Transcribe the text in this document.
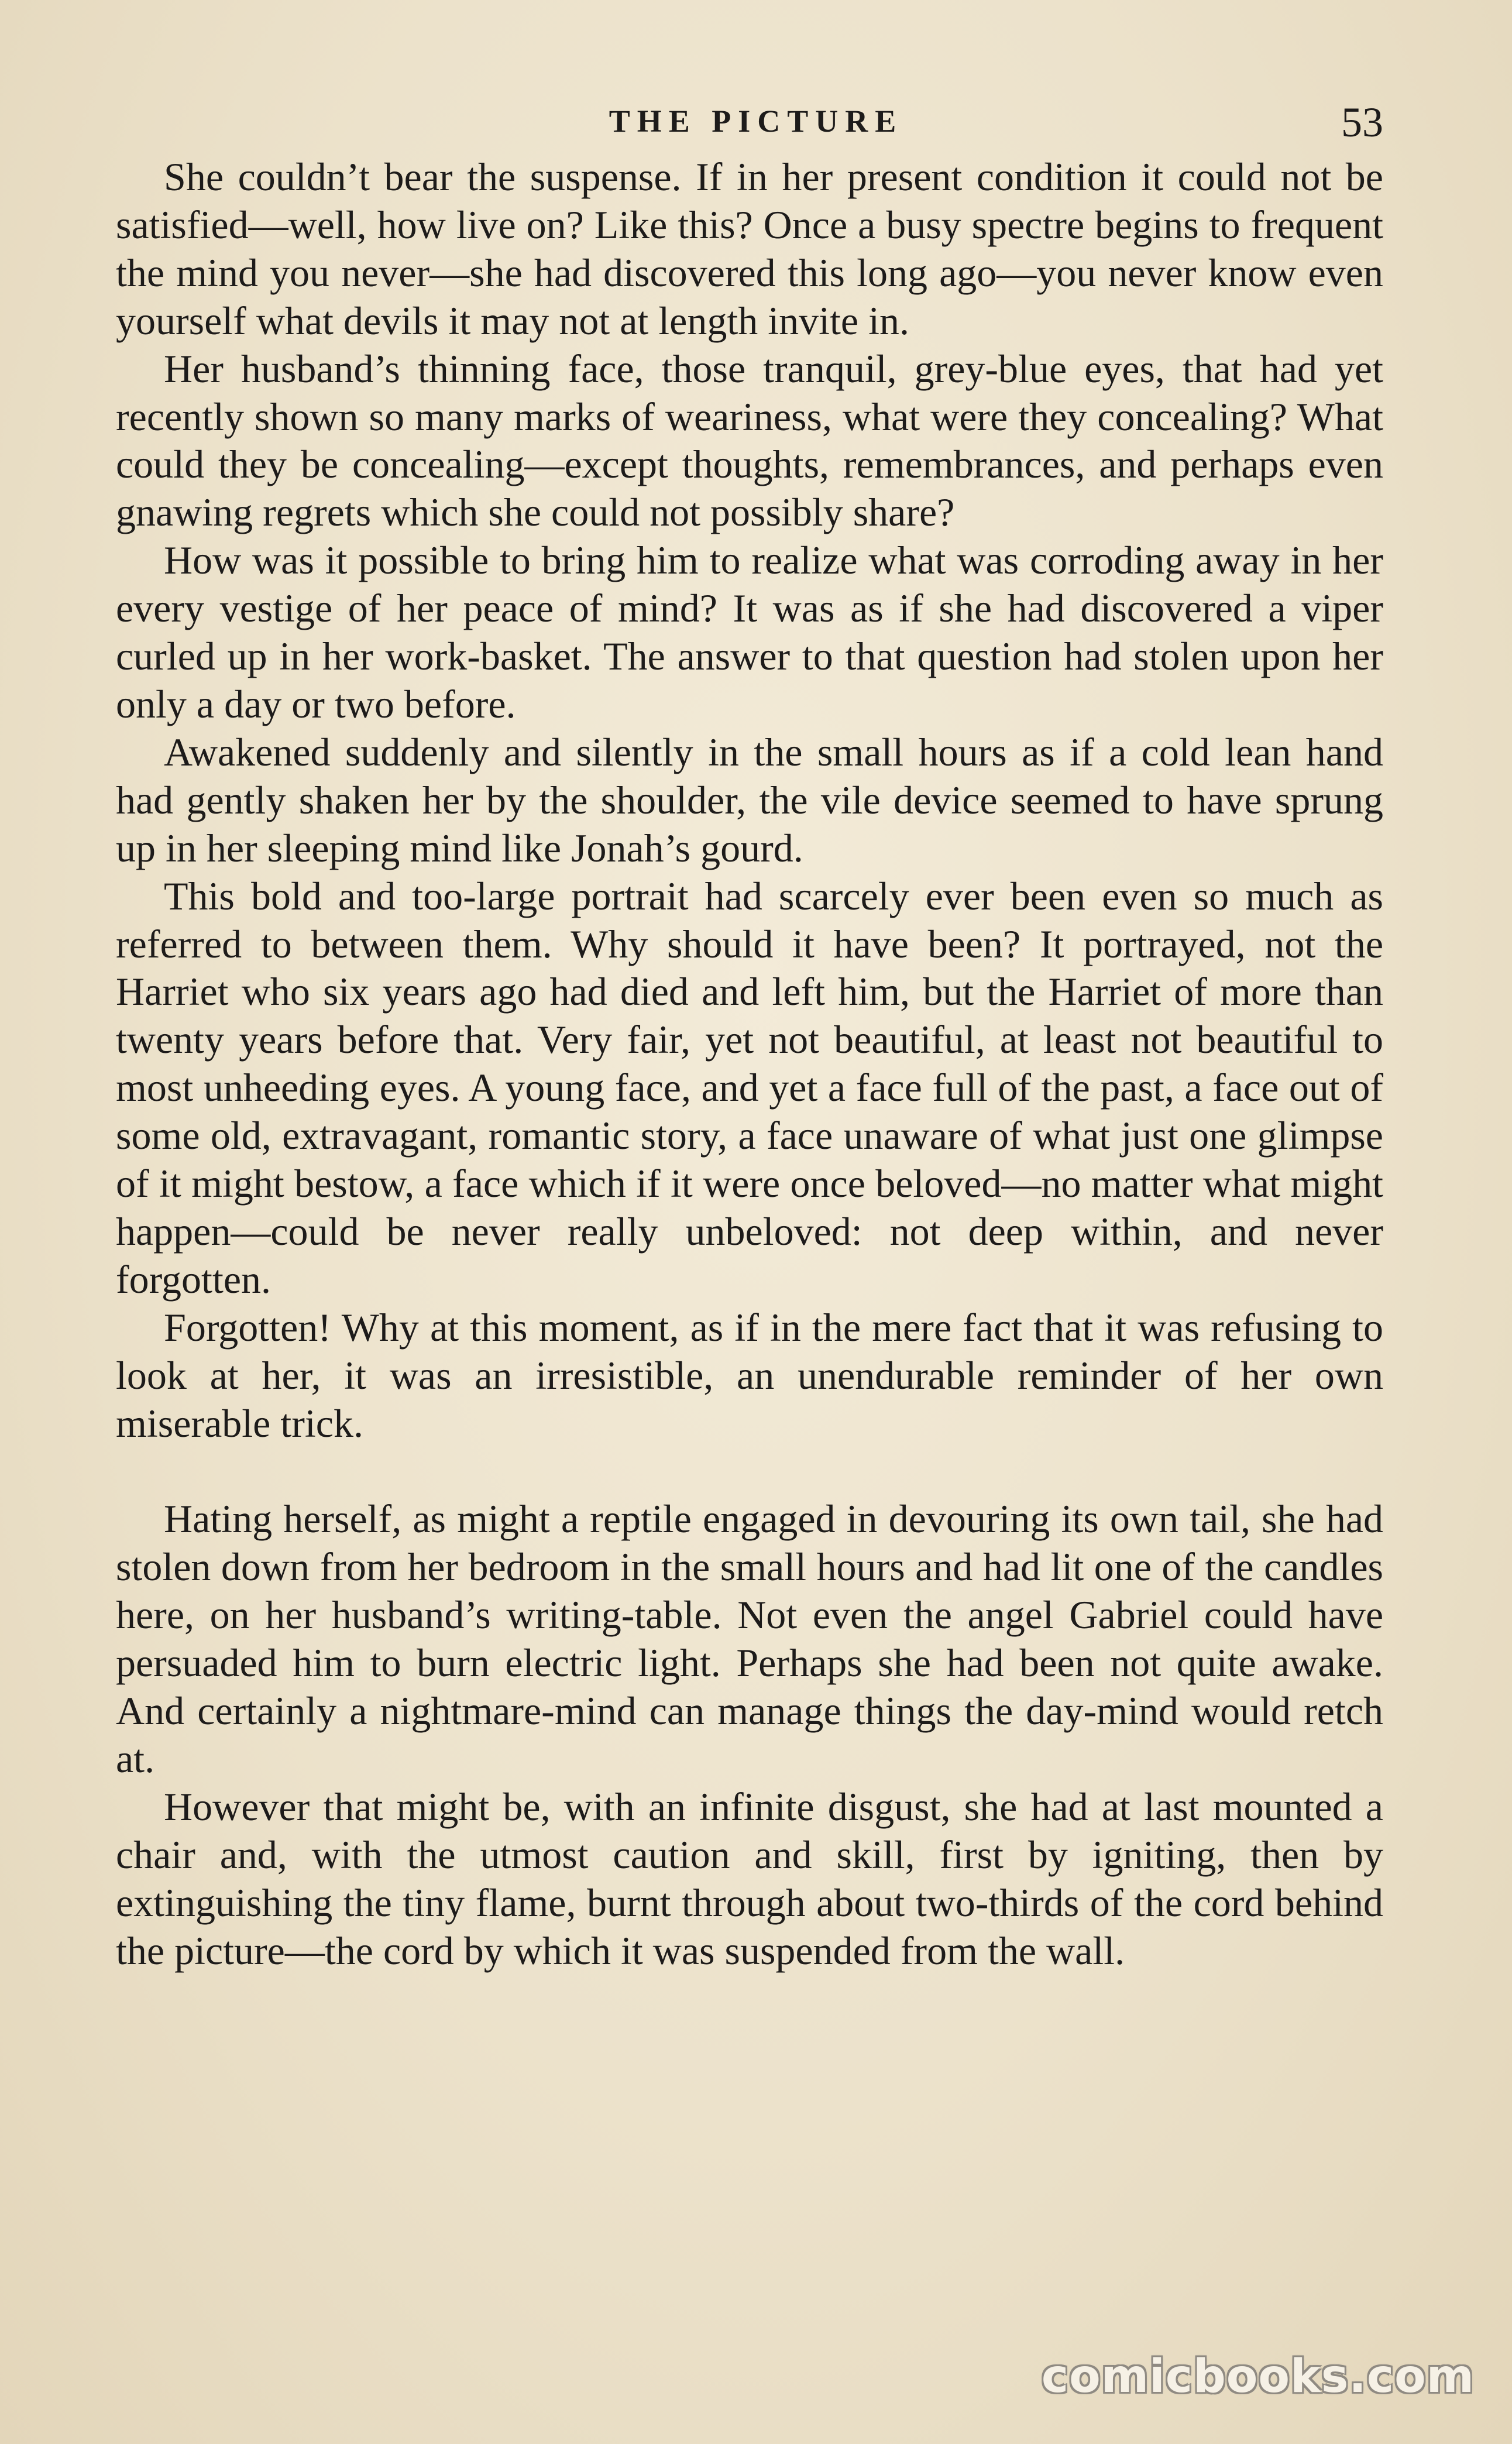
THE PICTURE	53

She couldn’t bear the suspense. If in her present condition it could not be satisfied—well, how live on? Like this? Once a busy spectre begins to frequent the mind you never—she had discovered this long ago—you never know even yourself what devils it may not at length invite in.

Her husband’s thinning face, those tranquil, grey-blue eyes, that had yet recently shown so many marks of weariness, what were they concealing? What could they be concealing—except thoughts, remembrances, and perhaps even gnawing regrets which she could not possibly share?

How was it possible to bring him to realize what was corroding away in her every vestige of her peace of mind? It was as if she had discovered a viper curled up in her work-basket. The answer to that question had stolen upon her only a day or two before.

Awakened suddenly and silently in the small hours as if a cold lean hand had gently shaken her by the shoulder, the vile device seemed to have sprung up in her sleeping mind like Jonah’s gourd.

This bold and too-large portrait had scarcely ever been even so much as referred to between them. Why should it have been? It portrayed, not the Harriet who six years ago had died and left him, but the Harriet of more than twenty years before that. Very fair, yet not beautiful, at least not beautiful to most unheeding eyes. A young face, and yet a face full of the past, a face out of some old, extravagant, romantic story, a face unaware of what just one glimpse of it might bestow, a face which if it were once beloved—no matter what might happen—could be never really unbeloved: not deep within, and never forgotten.

Forgotten! Why at this moment, as if in the mere fact that it was refusing to look at her, it was an irresistible, an unendurable reminder of her own miserable trick.

Hating herself, as might a reptile engaged in devouring its own tail, she had stolen down from her bedroom in the small hours and had lit one of the candles here, on her husband’s writing-table. Not even the angel Gabriel could have persuaded him to burn electric light. Perhaps she had been not quite awake. And certainly a nightmare-mind can manage things the day-mind would retch at.

However that might be, with an infinite disgust, she had at last mounted a chair and, with the utmost caution and skill, first by igniting, then by extinguishing the tiny flame, burnt through about two-thirds of the cord behind the picture—the cord by which it was suspended from the wall.

comicbooks.com
